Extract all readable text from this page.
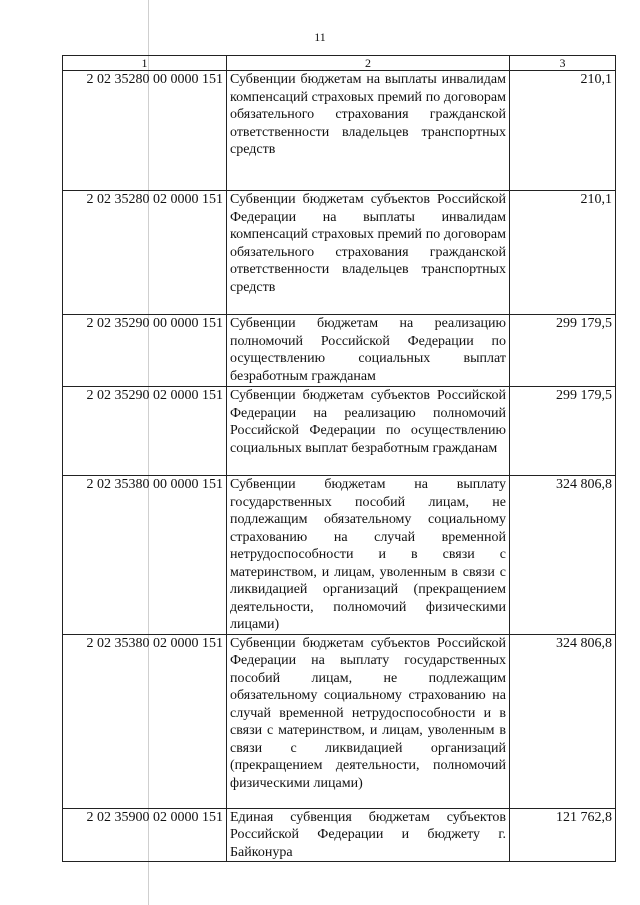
11
1	2	3
2 02 35280 00 0000 151	Субвенции бюджетам на выплаты инвалидам компенсаций страховых премий по договорам обязательного страхования гражданской ответственности владельцев транспортных средств	210,1
2 02 35280 02 0000 151	Субвенции бюджетам субъектов Российской Федерации на выплаты инвалидам компенсаций страховых премий по договорам обязательного страхования гражданской ответственности владельцев транспортных средств	210,1
2 02 35290 00 0000 151	Субвенции бюджетам на реализацию полномочий Российской Федерации по осуществлению социальных выплат безработным гражданам	299 179,5
2 02 35290 02 0000 151	Субвенции бюджетам субъектов Российской Федерации на реализацию полномочий Российской Федерации по осуществлению социальных выплат безработным гражданам	299 179,5
2 02 35380 00 0000 151	Субвенции бюджетам на выплату государственных пособий лицам, не подлежащим обязательному социальному страхованию на случай временной нетрудоспособности и в связи с материнством, и лицам, уволенным в связи с ликвидацией организаций (прекращением деятельности, полномочий физическими лицами)	324 806,8
2 02 35380 02 0000 151	Субвенции бюджетам субъектов Российской Федерации на выплату государственных пособий лицам, не подлежащим обязательному социальному страхованию на случай временной нетрудоспособности и в связи с материнством, и лицам, уволенным в связи с ликвидацией организаций (прекращением деятельности, полномочий физическими лицами)	324 806,8
2 02 35900 02 0000 151	Единая субвенция бюджетам субъектов Российской Федерации и бюджету г. Байконура	121 762,8
